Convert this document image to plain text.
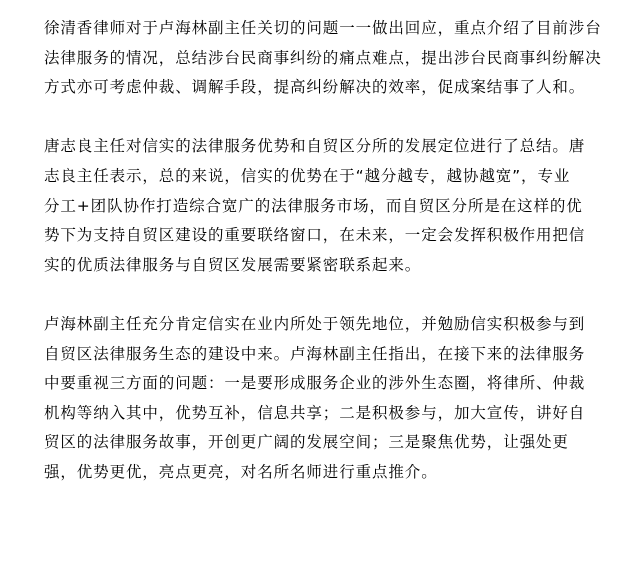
徐清香律师对于卢海林副主任关切的问题一一做出回应，重点介绍了目前涉台
法律服务的情况，总结涉台民商事纠纷的痛点难点，提出涉台民商事纠纷解决
方式亦可考虑仲裁、调解手段，提高纠纷解决的效率，促成案结事了人和。

唐志良主任对信实的法律服务优势和自贸区分所的发展定位进行了总结。唐
志良主任表示，总的来说，信实的优势在于“越分越专，越协越宽”，专业
分工+团队协作打造综合宽广的法律服务市场，而自贸区分所是在这样的优
势下为支持自贸区建设的重要联络窗口，在未来，一定会发挥积极作用把信
实的优质法律服务与自贸区发展需要紧密联系起来。

卢海林副主任充分肯定信实在业内所处于领先地位，并勉励信实积极参与到
自贸区法律服务生态的建设中来。卢海林副主任指出，在接下来的法律服务
中要重视三方面的问题：一是要形成服务企业的涉外生态圈，将律所、仲裁
机构等纳入其中，优势互补，信息共享；二是积极参与，加大宣传，讲好自
贸区的法律服务故事，开创更广阔的发展空间；三是聚焦优势，让强处更
强，优势更优，亮点更亮，对名所名师进行重点推介。
